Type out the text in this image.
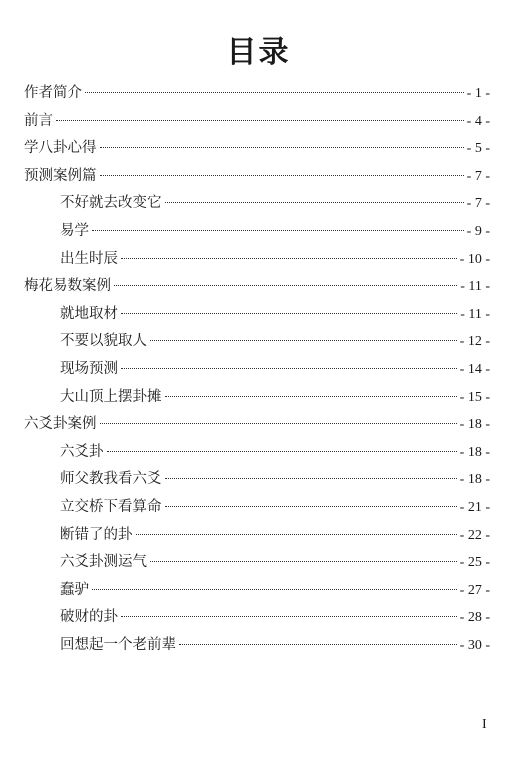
目录
作者简介	- 1 -
前言	- 4 -
学八卦心得	- 5 -
预测案例篇	- 7 -
不好就去改变它	- 7 -
易学	- 9 -
出生时辰	- 10 -
梅花易数案例	- 11 -
就地取材	- 11 -
不要以貌取人	- 12 -
现场预测	- 14 -
大山顶上摆卦摊	- 15 -
六爻卦案例	- 18 -
六爻卦	- 18 -
师父教我看六爻	- 18 -
立交桥下看算命	- 21 -
断错了的卦	- 22 -
六爻卦测运气	- 25 -
蠢驴	- 27 -
破财的卦	- 28 -
回想起一个老前辈	- 30 -
I
